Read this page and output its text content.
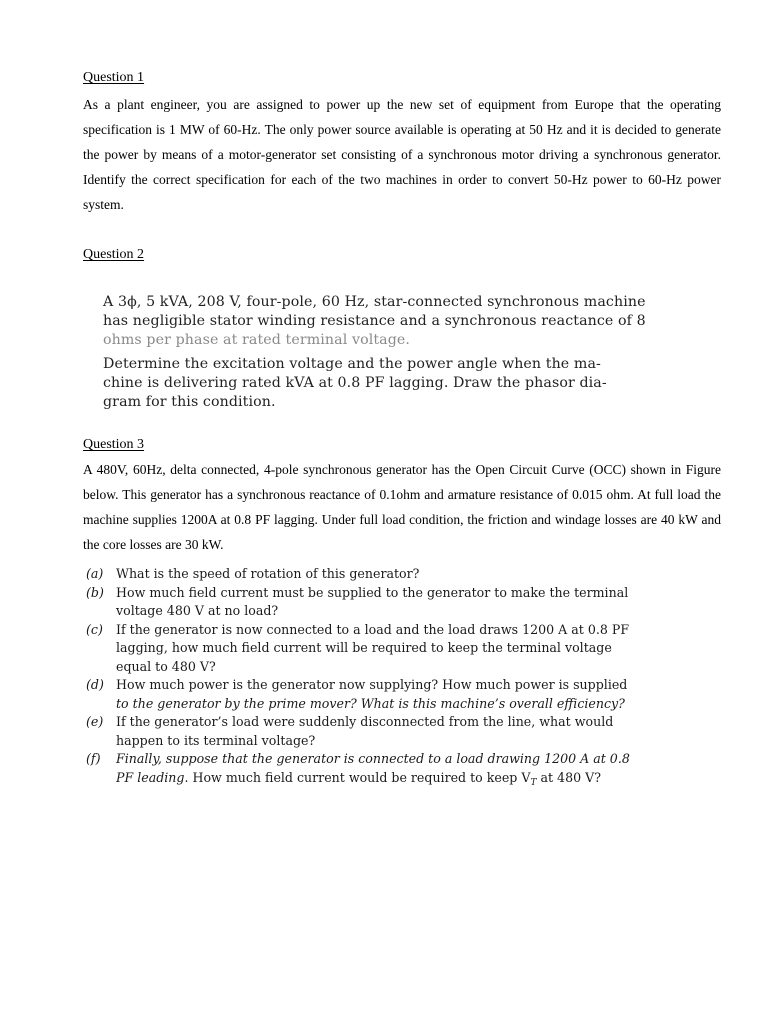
Question 1
As a plant engineer, you are assigned to power up the new set of equipment from Europe that the operating specification is 1 MW of 60-Hz. The only power source available is operating at 50 Hz and it is decided to generate the power by means of a motor-generator set consisting of a synchronous motor driving a synchronous generator. Identify the correct specification for each of the two machines in order to convert 50-Hz power to 60-Hz power system.
Question 2
A 3ϕ, 5 kVA, 208 V, four-pole, 60 Hz, star-connected synchronous machine
has negligible stator winding resistance and a synchronous reactance of 8
ohms per phase at rated terminal voltage.
Determine the excitation voltage and the power angle when the ma-
chine is delivering rated kVA at 0.8 PF lagging. Draw the phasor dia-
gram for this condition.
Question 3
A 480V, 60Hz, delta connected, 4-pole synchronous generator has the Open Circuit Curve (OCC) shown in Figure below. This generator has a synchronous reactance of 0.1ohm and armature resistance of 0.015 ohm. At full load the machine supplies 1200A at 0.8 PF lagging. Under full load condition, the friction and windage losses are 40 kW and the core losses are 30 kW.
(a)	What is the speed of rotation of this generator?
(b) How much field current must be supplied to the generator to make the terminal
voltage 480 V at no load?
(c)	If the generator is now connected to a load and the load draws 1200 A at 0.8 PF
lagging, how much field current will be required to keep the terminal voltage
equal to 480 V?
(d) How much power is the generator now supplying? How much power is supplied
to the generator by the prime mover? What is this machine’s overall efficiency?
(e)	If the generator’s load were suddenly disconnected from the line, what would
happen to its terminal voltage?
(f)	Finally, suppose that the generator is connected to a load drawing 1200 A at 0.8
PF leading. How much field current would be required to keep $V_T$ at 480 V?
